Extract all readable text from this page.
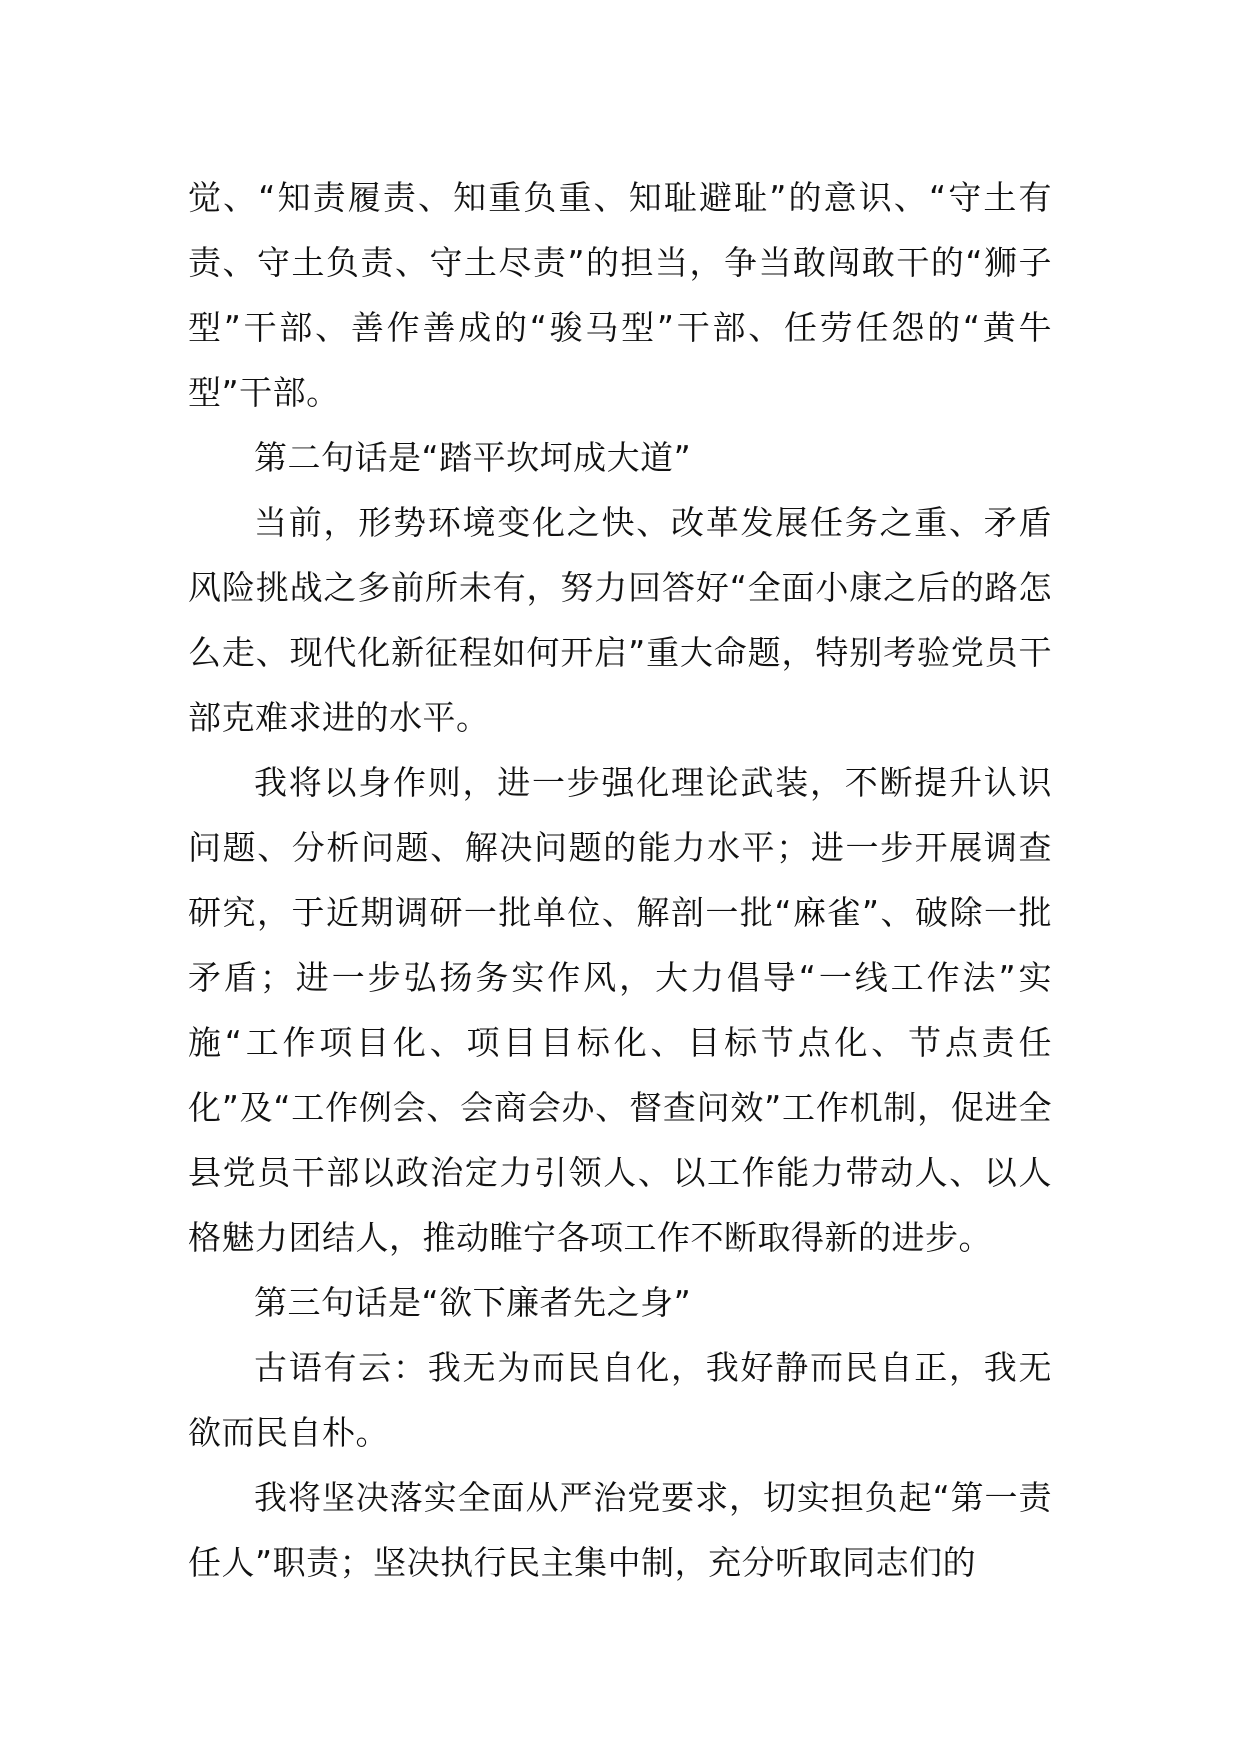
觉、“知责履责、知重负重、知耻避耻”的意识、“守土有责、守土负责、守土尽责”的担当，争当敢闯敢干的“狮子型”干部、善作善成的“骏马型”干部、任劳任怨的“黄牛型”干部。

第二句话是“踏平坎坷成大道”

当前，形势环境变化之快、改革发展任务之重、矛盾风险挑战之多前所未有，努力回答好“全面小康之后的路怎么走、现代化新征程如何开启”重大命题，特别考验党员干部克难求进的水平。

我将以身作则，进一步强化理论武装，不断提升认识问题、分析问题、解决问题的能力水平；进一步开展调查研究，于近期调研一批单位、解剖一批“麻雀”、破除一批矛盾；进一步弘扬务实作风，大力倡导“一线工作法”实施“工作项目化、项目目标化、目标节点化、节点责任化”及“工作例会、会商会办、督查问效”工作机制，促进全县党员干部以政治定力引领人、以工作能力带动人、以人格魅力团结人，推动睢宁各项工作不断取得新的进步。

第三句话是“欲下廉者先之身”

古语有云：我无为而民自化，我好静而民自正，我无欲而民自朴。

我将坚决落实全面从严治党要求，切实担负起“第一责任人”职责；坚决执行民主集中制，充分听取同志们的
